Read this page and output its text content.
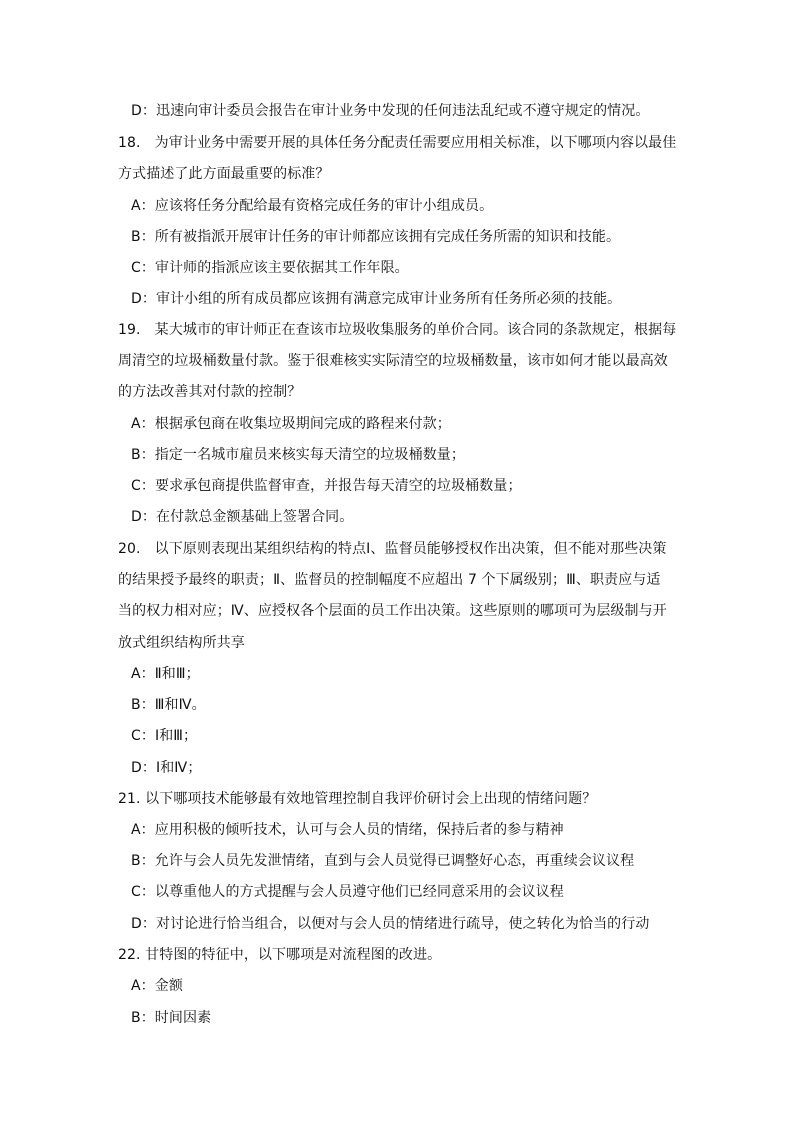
D：迅速向审计委员会报告在审计业务中发现的任何违法乱纪或不遵守规定的情况。
18.　为审计业务中需要开展的具体任务分配责任需要应用相关标准，以下哪项内容以最佳
方式描述了此方面最重要的标准？
A：应该将任务分配给最有资格完成任务的审计小组成员。
B：所有被指派开展审计任务的审计师都应该拥有完成任务所需的知识和技能。
C：审计师的指派应该主要依据其工作年限。
D：审计小组的所有成员都应该拥有满意完成审计业务所有任务所必须的技能。
19.　某大城市的审计师正在查该市垃圾收集服务的单价合同。该合同的条款规定，根据每
周清空的垃圾桶数量付款。鉴于很难核实实际清空的垃圾桶数量，该市如何才能以最高效
的方法改善其对付款的控制？
A：根据承包商在收集垃圾期间完成的路程来付款；
B：指定一名城市雇员来核实每天清空的垃圾桶数量；
C：要求承包商提供监督审查，并报告每天清空的垃圾桶数量；
D：在付款总金额基础上签署合同。
20.　以下原则表现出某组织结构的特点Ⅰ、监督员能够授权作出决策，但不能对那些决策
的结果授予最终的职责；Ⅱ、监督员的控制幅度不应超出 7 个下属级别；Ⅲ、职责应与适
当的权力相对应；Ⅳ、应授权各个层面的员工作出决策。这些原则的哪项可为层级制与开
放式组织结构所共享
A：Ⅱ和Ⅲ；
B：Ⅲ和Ⅳ。
C：Ⅰ和Ⅲ；
D：Ⅰ和Ⅳ；
21. 以下哪项技术能够最有效地管理控制自我评价研讨会上出现的情绪问题？
A：应用积极的倾听技术，认可与会人员的情绪，保持后者的参与精神
B：允许与会人员先发泄情绪，直到与会人员觉得已调整好心态，再重续会议议程
C：以尊重他人的方式提醒与会人员遵守他们已经同意采用的会议议程
D：对讨论进行恰当组合，以便对与会人员的情绪进行疏导，使之转化为恰当的行动
22. 甘特图的特征中，以下哪项是对流程图的改进。
A：金额
B：时间因素
